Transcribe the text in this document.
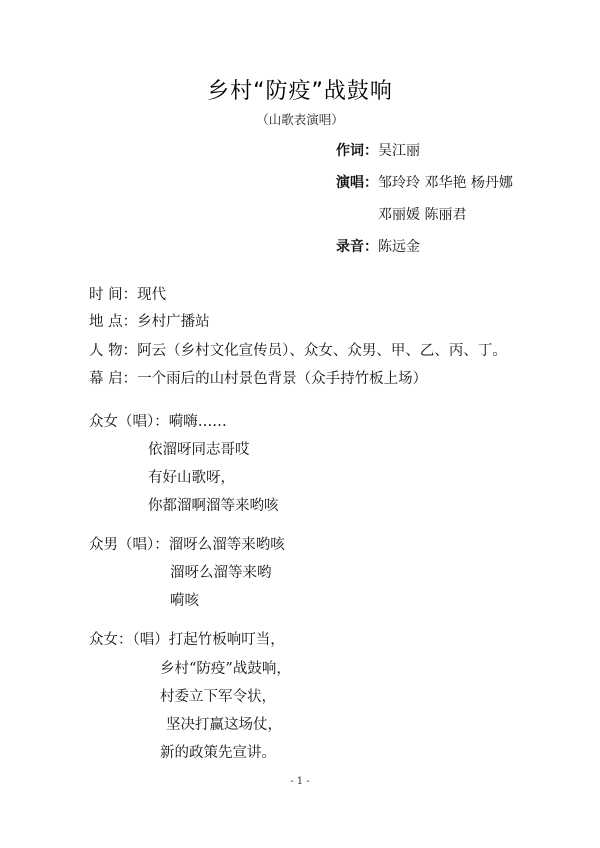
乡村“防疫”战鼓响
（山歌表演唱）
作词：吴江丽
演唱：邹玲玲 邓华艳 杨丹娜
邓丽媛 陈丽君
录音：陈远金
时 间：现代
地 点：乡村广播站
人 物：阿云（乡村文化宣传员）、众女、众男、甲、乙、丙、丁。
幕 启：一个雨后的山村景色背景（众手持竹板上场）
众女（唱）：嗬嗨……
依溜呀同志哥哎
有好山歌呀，
你都溜啊溜等来哟咳
众男（唱）：溜呀么溜等来哟咳
溜呀么溜等来哟
嗬咳
众女：（唱）打起竹板响叮当，
乡村“防疫”战鼓响，
村委立下军令状，
坚决打赢这场仗，
新的政策先宣讲。
- 1 -
